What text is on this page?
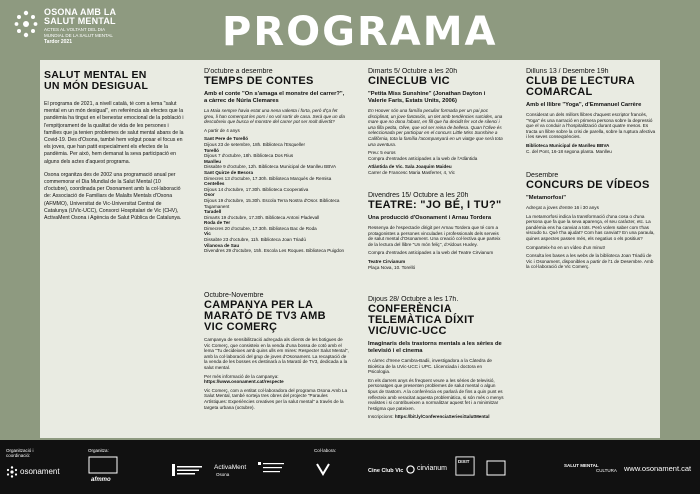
OSONA AMB LA
SALUT MENTAL
ACTES AL VOLTANT DEL DIA
MUNDIAL DE LA SALUT MENTAL
Tardor 2021	PROGRAMA
SALUT MENTAL EN
UN MÓN DESIGUAL
El programa de 2021, a nivell català, té com a lema "salut mental en un món desigual", en referència als efectes que la pandèmia ha tingut en el benestar emocional de la població i l'empitjorament de la qualitat de vida de les persones i famílies que ja tenien problemes de salut mental abans de la Covid-19. Des d'Osona, també hem volgut posar el focus en els joves, que han patit especialment els efectes de la pandèmia. Per això, hem demanat la seva participació en alguns dels actes d'aquest programa.
Osona organitza des de 2002 una programació anual per commemorar el Dia Mundial de la Salut Mental (10 d'octubre), coordinada per Osonament amb la col·laboració de: Associació de Familiars de Malalts Mentals d'Osona (AFMMO), Universitat de Vic-Universitat Central de Catalunya (UVic-UCC), Consorci Hospitalari de Vic (CHV), ActivaMent Osona i Agència de Salut Pública de Catalunya.
D'octubre a desembre
TEMPS DE CONTES
Amb el conte "On s'amaga el monstre del carrer?", a càrrec de Núria Clemares
La Maia sempre havia estat una nena valenta i forta, però d'ça fet greu, li han començat les pors i no vol sortir de casa. Serà que un dia descobreix que busca el monstre del carrer pot ser molt divertit?
A partir de 4 anys
Sant Pere de Torelló
Dijous 23 de setembre, 18h. Biblioteca l'Esqueller
Torelló
Dijous 7 d'octubre, 18h. Biblioteca Dos Rius
Manlleu
Dissabte 9 d'octubre, 12h. Biblioteca Municipal de Manlleu BBVA
Sant Quirze de Besora
Dimecres 13 d'octubre, 17.30h. Biblioteca Marquès de Remisa
Centelles
Dijous 14 d'octubre, 17.30h. Biblioteca Cooperativa
Osor
Dijous 19 d'octubre, 15.30h. Escola Terra Nostra d'Osor. Biblioteca Tagamanent
Taradell
Dimarts 19 d'octubre, 17.30h. Biblioteca Antoni Pladevall
Roda de Ter
Dimecres 20 d'octubre, 17.30h. Biblioteca Bac de Roda
Vic
Dissabte 23 d'octubre, 11h. Biblioteca Joan Triadú
Vilanova de Sau
Divendres 29 d'octubre, 15h. Escola Les Roques. Biblioteca Puigdon
Octubre-Novembre
CAMPANYA PER LA
MARATÓ DE TV3 AMB
VIC COMERÇ
Campanya de sensibilització adreçada als clients de les botigues de Vic Comerç, que consisteix en la venda d'una bossa de cotó amb el lema "Tu decideixes amb quins ulls em mires: Respecte! Salut Mental", amb la col·laboració del grup de joves d'Osonament. La recaptació de la venda de les bosses es destinarà a la Marató de TV3, dedicada a la salut mental.
Per més informació de la campanya:
https://www.osonament.cat/respecte
Vic Comerç, com a entitat col·laboradora del programa Osona Amb La Salut Mental, també sorteja tres obres del projecte "Paraules Artístiques: Experiències creatives per la salut mental" a través de la targeta urbana (octubre).
Dimarts 5/ Octubre a les 20h
CINECLUB VIC
"Petita Miss Sunshine" (Jonathan Dayton i Valerie Faris, Estats Units, 2006)
En Hoover són una família peculiar formada per un pai poc disciplinat, un jove fantasiós, un tiet amb tendències suïcides, una mare que no dona l'abast, en fill que ha decidit fer vot de silenci i una filla petita, Olive, que vol ser reina de bellesa. Quan l'Olive és seleccionada per participar en el concurs Little Miss Sunshine a Califòrnia, tota la família l'acompanyarà en un viatge que serà tota una aventura.
Preu: 5 euros
Compra d'entrades anticipades a la web de l'Atlàntida
Atlàntida de Vic. Sala Joaquim Maideu
Carrer de Francesc Maria Masferrer, 4, Vic
Divendres 15/ Octubre a les 20h
TEATRE: "JO BÉ, I TU?"
Una producció d'Osonament i Arnau Tordera
Ressenya de l'espectacle dirigit per Arnau Tordera que té com a protagonistes a persones vinculades i professionals dels serveis de salut mental d'Osonament. Una creació col·lectiva que parteix de la lectura del llibre "Un món feliç", d'Aldous Huxley.
Compra d'entrades anticipades a la web del Teatre Cirvianum
Teatre Cirvianum
Plaça Nova, 10. Torelló
Dijous 28/ Octubre a les 17h.
CONFERÈNCIA
TELEMÀTICA DÍXIT
VIC/UVIC-UCC
Imaginaris dels trastorns mentals a les sèries de televisió i el cinema
A càrrec d'Irene Cambra-Badii, investigadora a la Càtedra de Bioètica de la UVic-UCC i UPC. Llicenciada i doctora en Psicologia.
En els darrers anys és freqüent veure a les sèries de televisió, personatges que presenten problemes de salut mental o algun tipus de trastorn. A la conferència es parlarà de fins a quin punt es reflecteix amb veracitat aquesta problemàtica, si són més o menys realistes i si contribueixen a normalitzar aquest fet i a minimitzar l'estigma que pateixen.
Inscripcions: https://bit.ly/ConferenciaSeriesiSalutMental
Dilluns 13 / Desembre 19h
CLUB DE LECTURA
COMARCAL
Amb el llibre "Yoga", d'Emmanuel Carrère
Considerat un dels millors llibres d'aquest escriptor francès, "Yoga" és una narració en primera persona sobre la depressió que el va conduir a l'hospitalització durant quatre mesos. Es tracta un llibre sobre la crisi de parella, sobre la ruptura afectiva i les seves conseqüències.
Biblioteca Municipal de Manlleu BBVA
C. del Pont, 16-18 segona planta. Manlleu
Desembre
CONCURS DE VÍDEOS
"Metamorfosi"
Adreçat a joves d'entre 16 i 30 anys
La metamorfosi indica la transformació d'una cosa o d'una persona que fa que la seva aparença, el seu caràcter, etc. La pandèmia ens ha canviat a tots. Però volem saber com t'has viscudo tu. Què t'ha ajudat? Com has canviat? En una paraula, quines aspectes passen més, els negatius o els positius?
Comparteix-ho en un vídeo d'un minut!
Consulta les bases a les webs de la biblioteca Joan Triadú de Vic i Osonament, disponibles a partir de l'1 de Desembre. Amb la col·laboració de Vic Comerç.
Organització i coordinació:
osonament
Organitza:
afmmo
ActivaMent
Osona
Col·labora:
Cine Club Vic cirvianum
DIXIT
SALUT MENTAL
CULTURA www.osonament.cat
